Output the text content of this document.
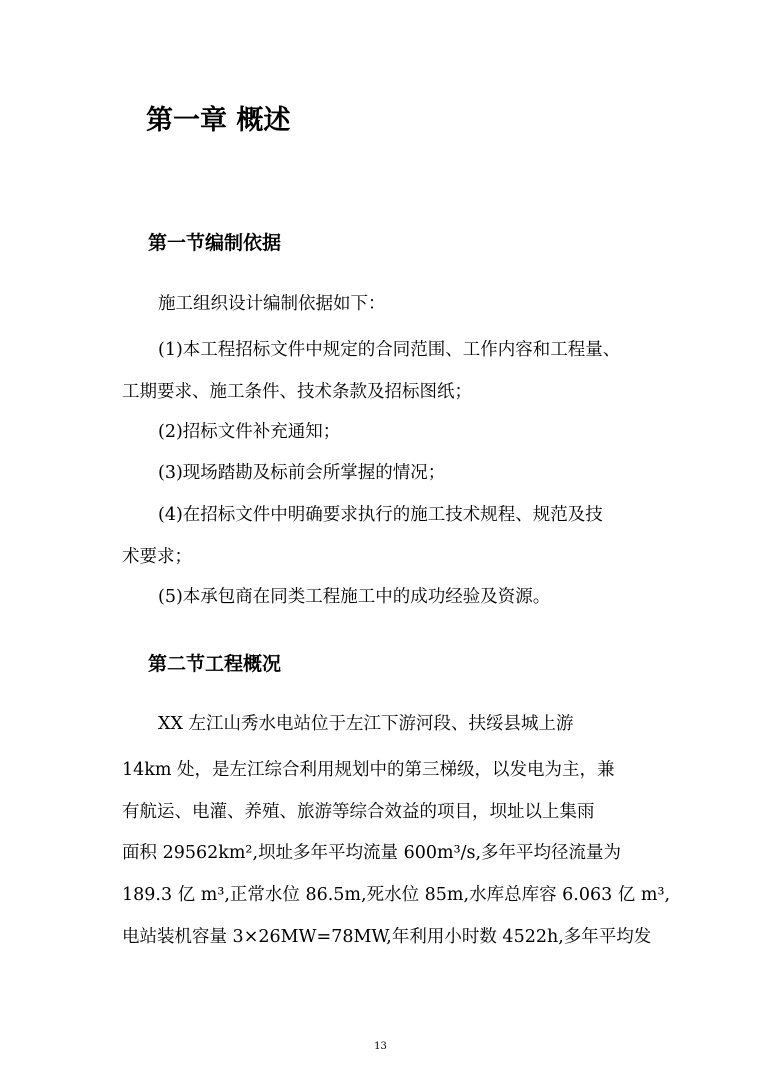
第一章 概述
第一节编制依据

施工组织设计编制依据如下：

(1)本工程招标文件中规定的合同范围、工作内容和工程量、

工期要求、施工条件、技术条款及招标图纸；

(2)招标文件补充通知；

(3)现场踏勘及标前会所掌握的情况；

(4)在招标文件中明确要求执行的施工技术规程、规范及技

术要求；

(5)本承包商在同类工程施工中的成功经验及资源。

第二节工程概况

XX 左江山秀水电站位于左江下游河段、扶绥县城上游

14km 处，是左江综合利用规划中的第三梯级，以发电为主，兼

有航运、电灌、养殖、旅游等综合效益的项目，坝址以上集雨

面积 29562km²,坝址多年平均流量 600m³/s,多年平均径流量为

189.3 亿 m³,正常水位 86.5m,死水位 85m,水库总库容 6.063 亿 m³,

电站装机容量 3×26MW=78MW,年利用小时数 4522h,多年平均发

13
